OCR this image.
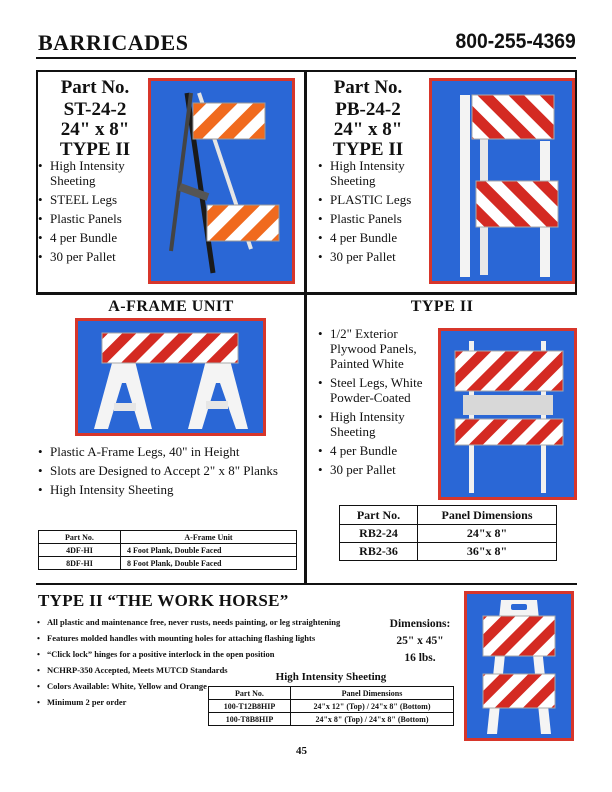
BARRICADES	800-255-4369
Part No.
ST-24-2
24" x 8"
TYPE II
• High Intensity Sheeting
• STEEL Legs
• Plastic Panels
• 4 per Bundle
• 30 per Pallet
Part No.
PB-24-2
24" x 8"
TYPE II
• High Intensity Sheeting
• PLASTIC Legs
• Plastic Panels
• 4 per Bundle
• 30 per Pallet
A-FRAME UNIT
• Plastic A-Frame Legs, 40" in Height
• Slots are Designed to Accept 2" x 8" Planks
• High Intensity Sheeting
Part No.	A-Frame Unit
4DF-HI	4 Foot Plank, Double Faced
8DF-HI	8 Foot Plank, Double Faced
TYPE II
• 1/2" Exterior Plywood Panels, Painted White
• Steel Legs, White Powder-Coated
• High Intensity Sheeting
• 4 per Bundle
• 30 per Pallet
Part No.	Panel Dimensions
RB2-24	24"x 8"
RB2-36	36"x 8"
TYPE II “THE WORK HORSE”
• All plastic and maintenance free, never rusts, needs painting, or leg straightening
• Features molded handles with mounting holes for attaching flashing lights
• “Click lock” hinges for a positive interlock in the open position
• NCHRP-350 Accepted, Meets MUTCD Standards
• Colors Available: White, Yellow and Orange
• Minimum 2 per order
Dimensions:
25" x 45"
16 lbs.
High Intensity Sheeting
Part No.	Panel Dimensions
100-T12B8HIP	24"x 12" (Top) / 24"x 8" (Bottom)
100-T8B8HIP	24"x 8" (Top) / 24"x 8" (Bottom)
45
